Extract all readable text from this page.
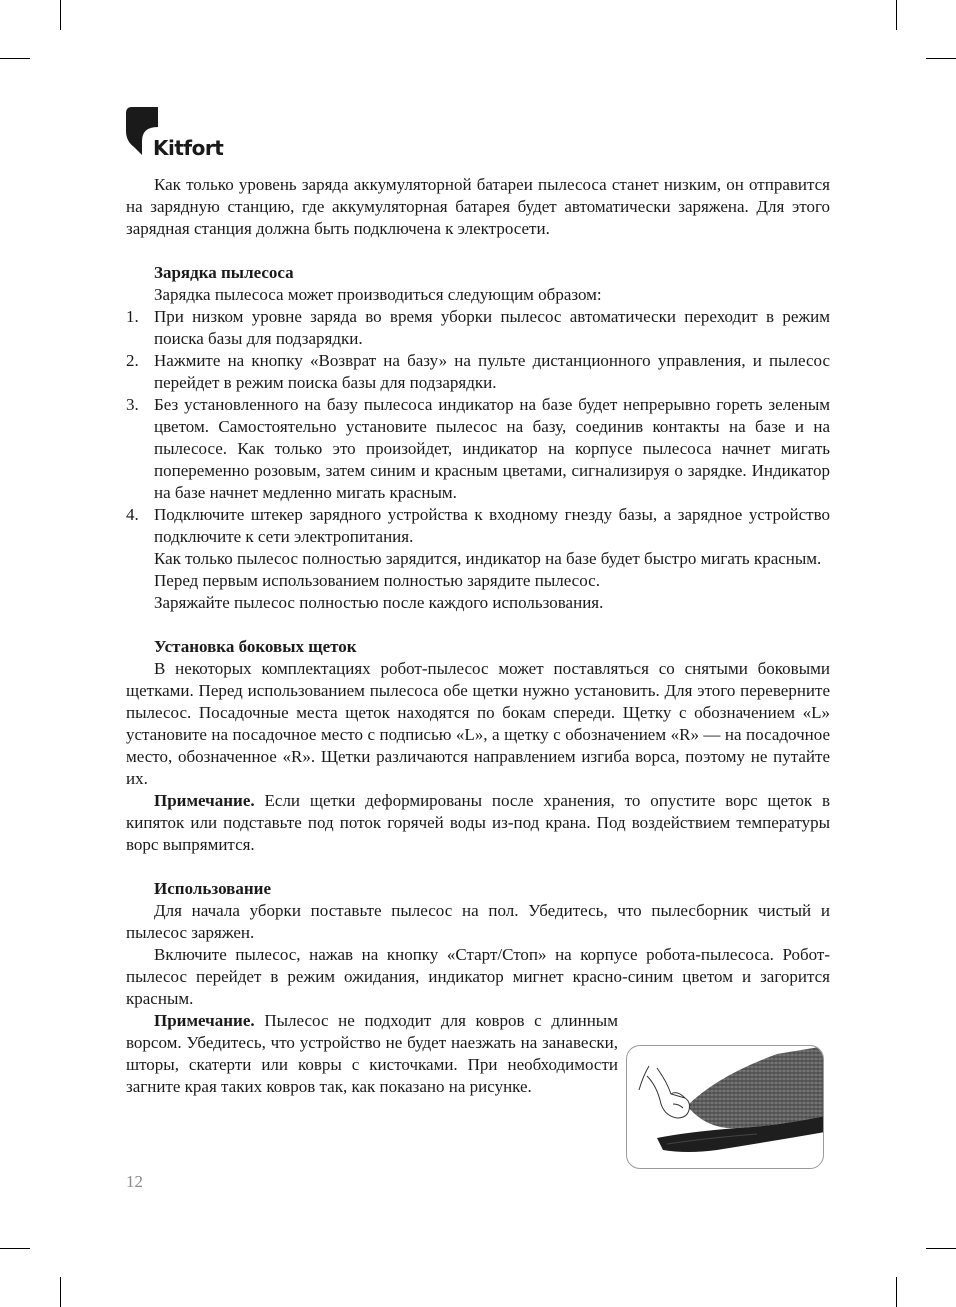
Kitfort

Как только уровень заряда аккумуляторной батареи пылесоса станет низким, он отправится на зарядную станцию, где аккумуляторная батарея будет автоматически заряжена. Для этого зарядная станция должна быть подключена к электросети.

Зарядка пылесоса

Зарядка пылесоса может производиться следующим образом:

1. При низком уровне заряда во время уборки пылесос автоматически переходит в режим поиска базы для подзарядки.
2. Нажмите на кнопку «Возврат на базу» на пульте дистанционного управления, и пылесос перейдет в режим поиска базы для подзарядки.
3. Без установленного на базу пылесоса индикатор на базе будет непрерывно гореть зеленым цветом. Самостоятельно установите пылесос на базу, соединив контакты на базе и на пылесосе. Как только это произойдет, индикатор на корпусе пылесоса начнет мигать попеременно розовым, затем синим и красным цветами, сигнализируя о зарядке. Индикатор на базе начнет медленно мигать красным.
4. Подключите штекер зарядного устройства к входному гнезду базы, а зарядное устройство подключите к сети электропитания.

Как только пылесос полностью зарядится, индикатор на базе будет быстро мигать красным.

Перед первым использованием полностью зарядите пылесос.

Заряжайте пылесос полностью после каждого использования.

Установка боковых щеток

В некоторых комплектациях робот-пылесос может поставляться со снятыми боковыми щетками. Перед использованием пылесоса обе щетки нужно установить. Для этого переверните пылесос. Посадочные места щеток находятся по бокам спереди. Щетку с обозначением «L» установите на посадочное место с подписью «L», а щетку с обозначением «R» — на посадочное место, обозначенное «R». Щетки различаются направлением изгиба ворса, поэтому не путайте их.

Примечание. Если щетки деформированы после хранения, то опустите ворс щеток в кипяток или подставьте под поток горячей воды из-под крана. Под воздействием температуры ворс выпрямится.

Использование

Для начала уборки поставьте пылесос на пол. Убедитесь, что пылесборник чистый и пылесос заряжен.

Включите пылесос, нажав на кнопку «Старт/Стоп» на корпусе робота-пылесоса. Робот-пылесос перейдет в режим ожидания, индикатор мигнет красно-синим цветом и загорится красным.

Примечание. Пылесос не подходит для ковров с длинным ворсом. Убедитесь, что устройство не будет наезжать на занавески, шторы, скатерти или ковры с кисточками. При необходимости загните края таких ковров так, как показано на рисунке.

12
